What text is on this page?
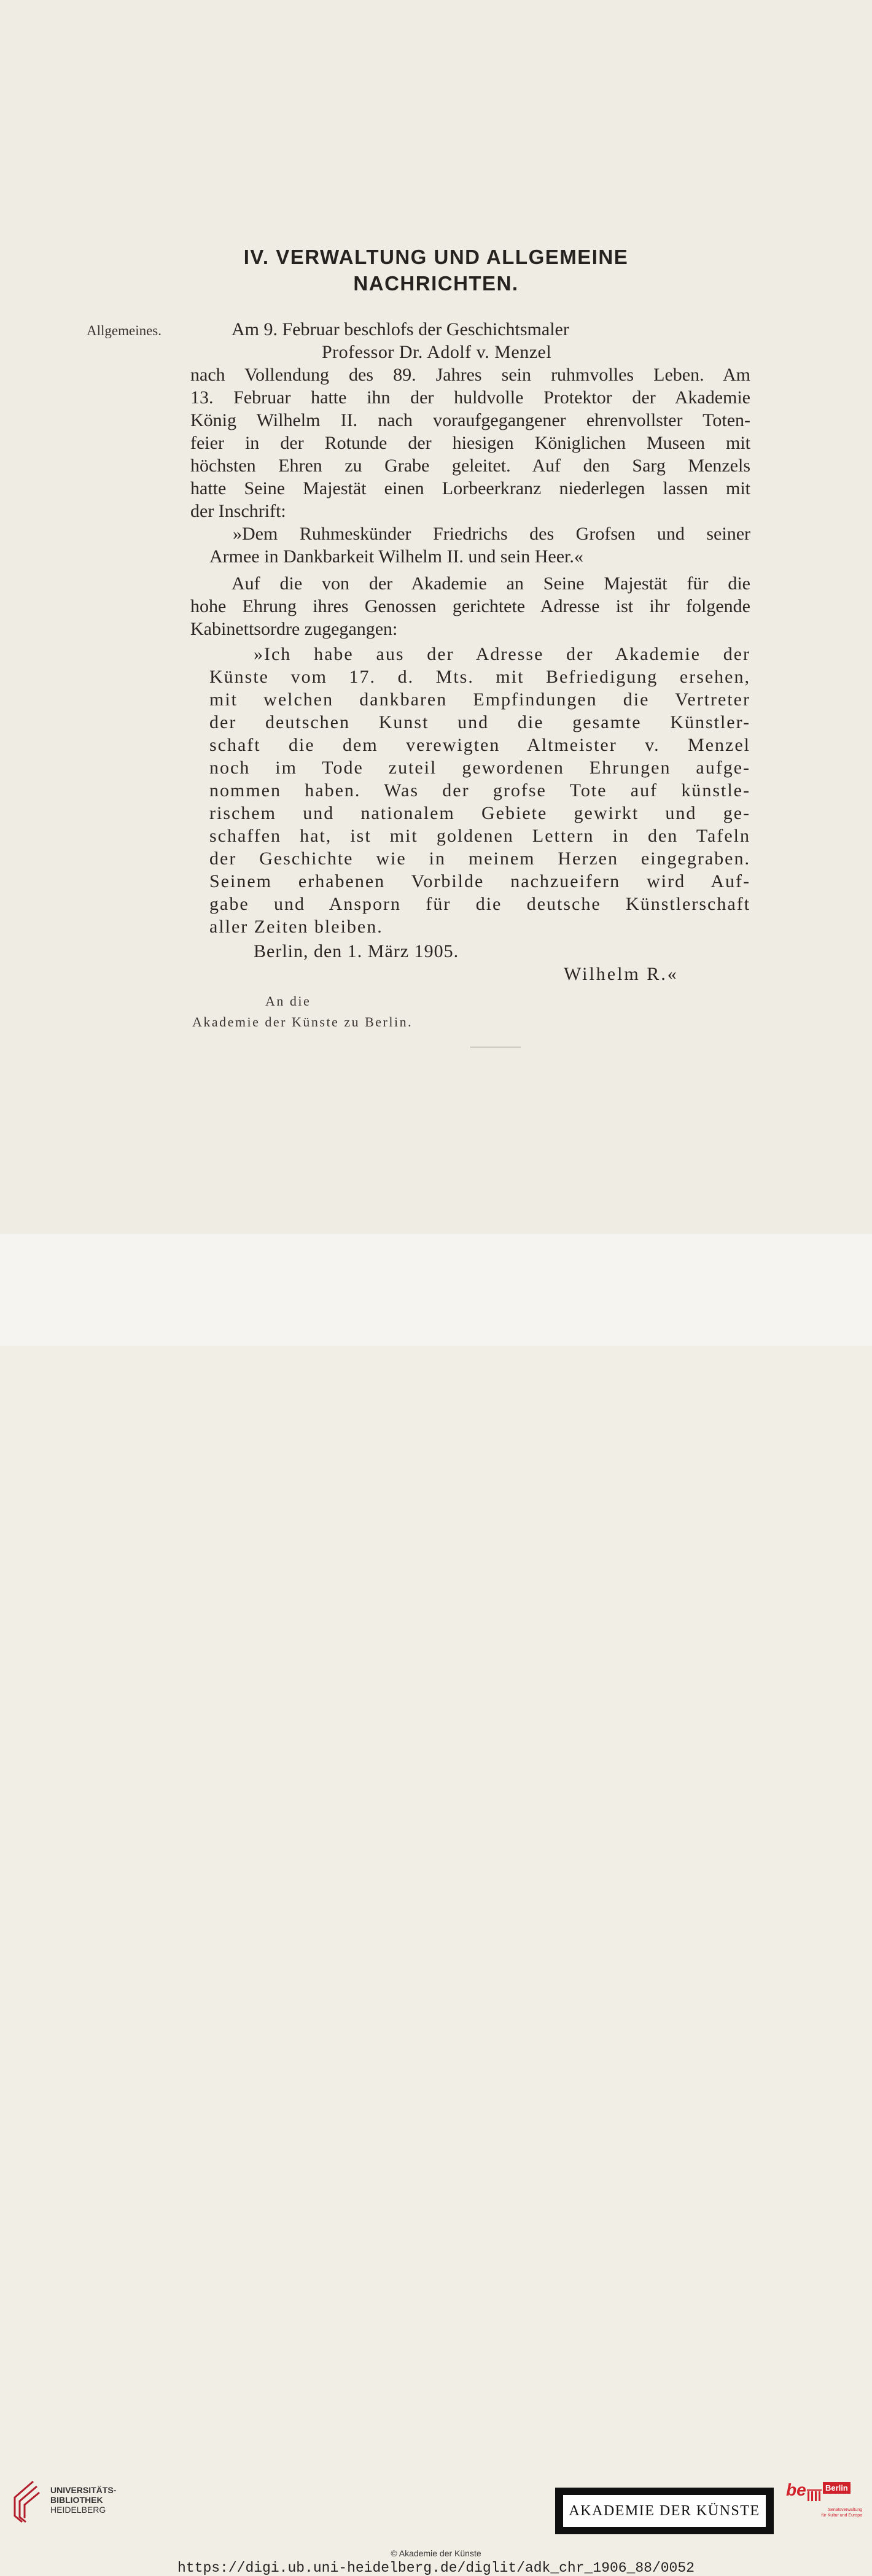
IV. VERWALTUNG UND ALLGEMEINE
NACHRICHTEN.
Allgemeines.	Am 9. Februar beschlofs der Geschichtsmaler
Professor Dr. Adolf v. Menzel
nach Vollendung des 89. Jahres sein ruhmvolles Leben. Am
13. Februar hatte ihn der huldvolle Protektor der Akademie
König Wilhelm II. nach voraufgegangener ehrenvollster Toten-
feier in der Rotunde der hiesigen Königlichen Museen mit
höchsten Ehren zu Grabe geleitet. Auf den Sarg Menzels
hatte Seine Majestät einen Lorbeerkranz niederlegen lassen mit
der Inschrift:
»Dem Ruhmeskünder Friedrichs des Grofsen und seiner
Armee in Dankbarkeit Wilhelm II. und sein Heer.«
Auf die von der Akademie an Seine Majestät für die
hohe Ehrung ihres Genossen gerichtete Adresse ist ihr folgende
Kabinettsordre zugegangen:
»Ich habe aus der Adresse der Akademie der
Künste vom 17. d. Mts. mit Befriedigung ersehen,
mit welchen dankbaren Empfindungen die Vertreter
der deutschen Kunst und die gesamte Künstler-
schaft die dem verewigten Altmeister v. Menzel
noch im Tode zuteil gewordenen Ehrungen aufge-
nommen haben. Was der grofse Tote auf künstle-
rischem und nationalem Gebiete gewirkt und ge-
schaffen hat, ist mit goldenen Lettern in den Tafeln
der Geschichte wie in meinem Herzen eingegraben.
Seinem erhabenen Vorbilde nachzueifern wird Auf-
gabe und Ansporn für die deutsche Künstlerschaft
aller Zeiten bleiben.
Berlin, den 1. März 1905.
Wilhelm R.«
An die
Akademie der Künste zu Berlin.
UNIVERSITÄTS-
BIBLIOTHEK
HEIDELBERG	AKADEMIE DER KÜNSTE
be	Berlin
Senatsverwaltung
für Kultur und Europa
© Akademie der Künste
https://digi.ub.uni-heidelberg.de/diglit/adk_chr_1906_88/0052
